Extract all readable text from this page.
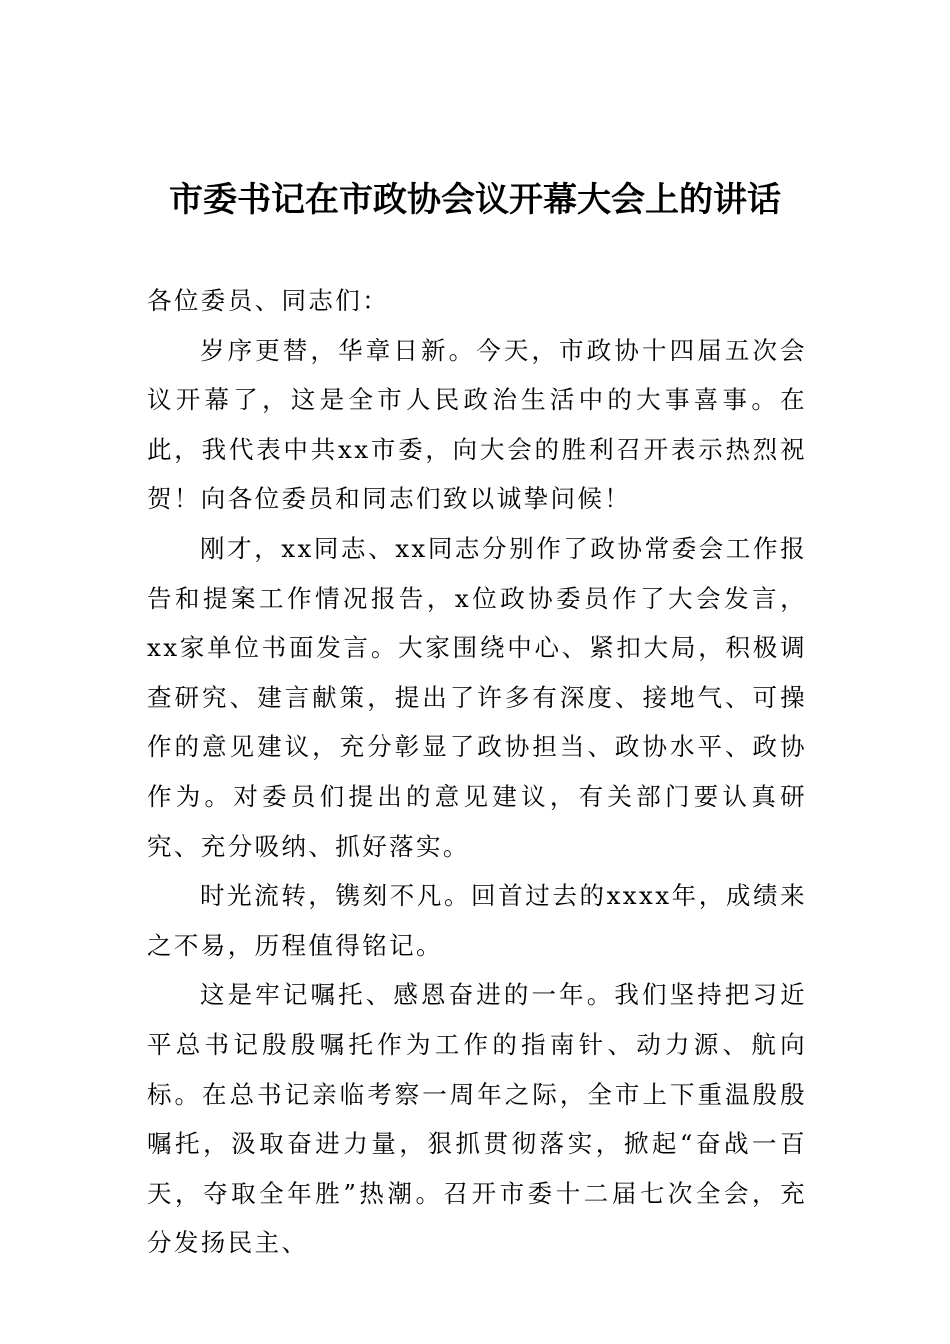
市委书记在市政协会议开幕大会上的讲话

各位委员、同志们：

岁序更替，华章日新。今天，市政协十四届五次会议开幕了，这是全市人民政治生活中的大事喜事。在此，我代表中共xx市委，向大会的胜利召开表示热烈祝贺！向各位委员和同志们致以诚挚问候！

刚才，xx同志、xx同志分别作了政协常委会工作报告和提案工作情况报告，x位政协委员作了大会发言，xx家单位书面发言。大家围绕中心、紧扣大局，积极调查研究、建言献策，提出了许多有深度、接地气、可操作的意见建议，充分彰显了政协担当、政协水平、政协作为。对委员们提出的意见建议，有关部门要认真研究、充分吸纳、抓好落实。

时光流转，镌刻不凡。回首过去的xxxx年，成绩来之不易，历程值得铭记。

这是牢记嘱托、感恩奋进的一年。我们坚持把习近平总书记殷殷嘱托作为工作的指南针、动力源、航向标。在总书记亲临考察一周年之际，全市上下重温殷殷嘱托，汲取奋进力量，狠抓贯彻落实，掀起“奋战一百天，夺取全年胜”热潮。召开市委十二届七次全会，充分发扬民主、
